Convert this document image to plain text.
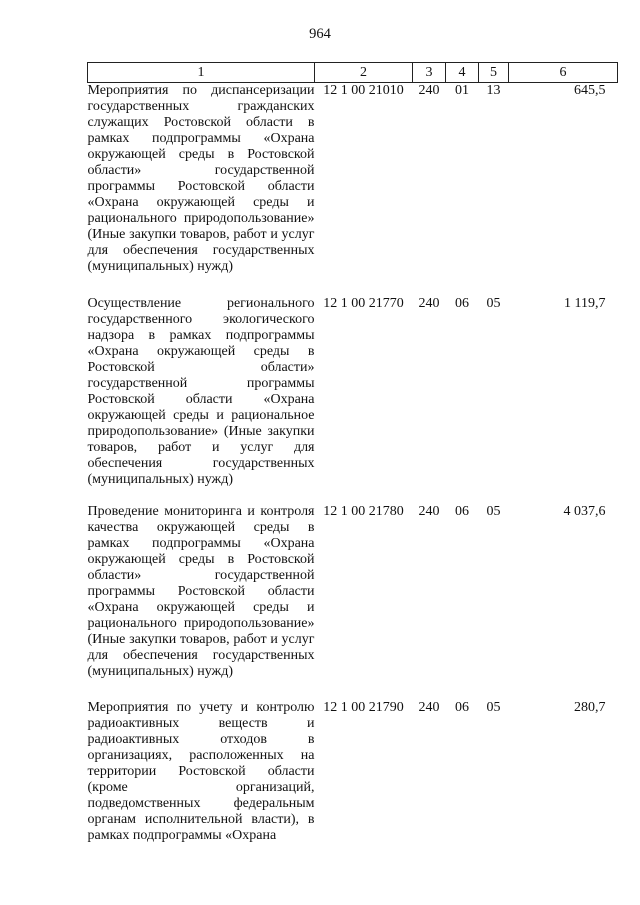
964
1	2	3	4	5	6
Мероприятия по диспансеризации государственных гражданских служащих Ростовской области в рамках подпрограммы «Охрана окружающей среды в Ростовской области» государственной программы Ростовской области «Охрана окружающей среды и рационального природопользование» (Иные закупки товаров, работ и услуг для обеспечения государственных (муниципальных) нужд)	12 1 00 21010	240	01	13	645,5
Осуществление регионального государственного экологического надзора в рамках подпрограммы «Охрана окружающей среды в Ростовской области» государственной программы Ростовской области «Охрана окружающей среды и рациональное природопользование» (Иные закупки товаров, работ и услуг для обеспечения государственных (муниципальных) нужд)	12 1 00 21770	240	06	05	1 119,7
Проведение мониторинга и контроля качества окружающей среды в рамках подпрограммы «Охрана окружающей среды в Ростовской области» государственной программы Ростовской области «Охрана окружающей среды и рационального природопользование» (Иные закупки товаров, работ и услуг для обеспечения государственных (муниципальных) нужд)	12 1 00 21780	240	06	05	4 037,6
Мероприятия по учету и контролю радиоактивных веществ и радиоактивных отходов в организациях, расположенных на территории Ростовской области (кроме организаций, подведомственных федеральным органам исполнительной власти), в рамках подпрограммы «Охрана	12 1 00 21790	240	06	05	280,7
